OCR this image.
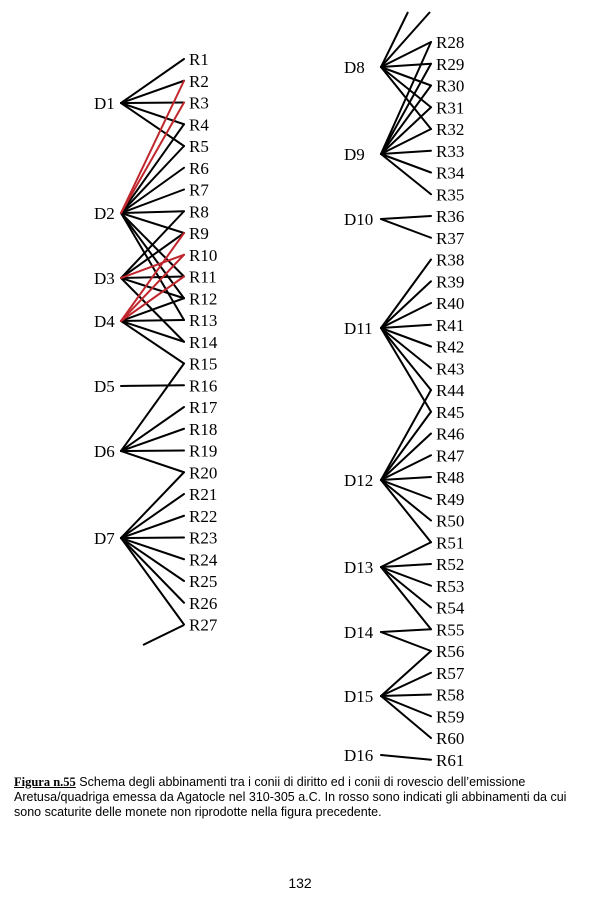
D1
D2
D3
D4
D5
D6
D7
D8
D9
D10
D11
D12
D13
D14
D15
D16
R1
R2
R3
R4
R5
R6
R7
R8
R9
R10
R11
R12
R13
R14
R15
R16
R17
R18
R19
R20
R21
R22
R23
R24
R25
R26
R27
R28
R29
R30
R31
R32
R33
R34
R35
R36
R37
R38
R39
R40
R41
R42
R43
R44
R45
R46
R47
R48
R49
R50
R51
R52
R53
R54
R55
R56
R57
R58
R59
R60
R61
Figura n.55 Schema degli abbinamenti tra i conii di diritto ed i conii di rovescio dell’emissione Aretusa/quadriga emessa da Agatocle nel 310-305 a.C. In rosso sono indicati gli abbinamenti da cui sono scaturite delle monete non riprodotte nella figura precedente.
132
